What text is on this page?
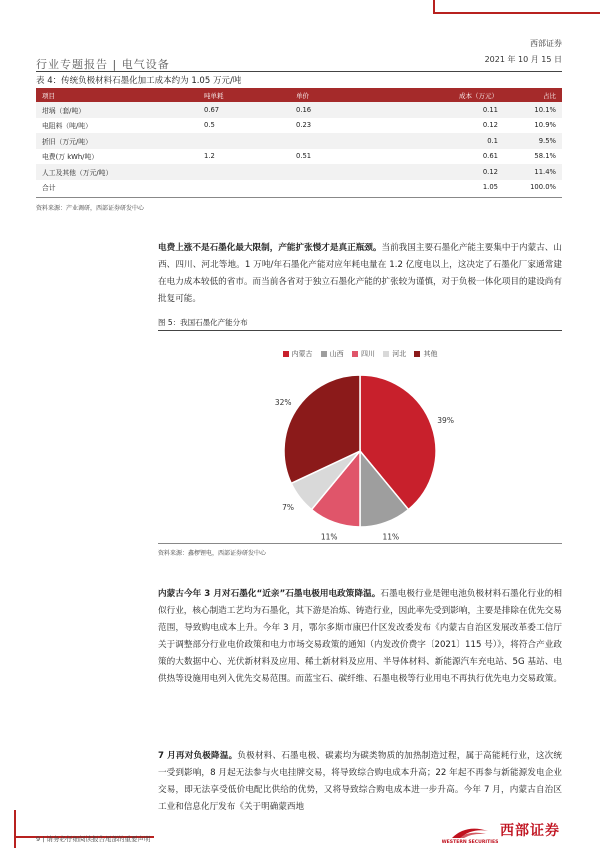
西部证券
行业专题报告 | 电气设备	2021 年 10 月 15 日
表 4：传统负极材料石墨化加工成本约为 1.05 万元/吨
项目	吨单耗	单价	成本（万元）	占比
坩埚（套/吨）	0.67	0.16	0.11	10.1%
电阻料（吨/吨）	0.5	0.23	0.12	10.9%
折旧（万元/吨）			0.1	9.5%
电费(万 kWh/吨）	1.2	0.51	0.61	58.1%
人工及其他（万元/吨）			0.12	11.4%
合计			1.05	100.0%
资料来源：产业调研，西部证券研发中心
电费上涨不是石墨化最大限制，产能扩张慢才是真正瓶颈。当前我国主要石墨化产能主要集中于内蒙古、山西、四川、河北等地。1 万吨/年石墨化产能对应年耗电量在 1.2 亿度电以上，这决定了石墨化厂家通常建在电力成本较低的省市。而当前各省对于独立石墨化产能的扩张较为谨慎，对于负极一体化项目的建设尚有批复可能。
图 5：我国石墨化产能分布
内蒙古 山西 四川 河北 其他
39%
11%
11%
7%
32%
资料来源：鑫椤锂电，西部证券研发中心
内蒙古今年 3 月对石墨化“近亲”石墨电极用电政策降温。石墨电极行业是锂电池负极材料石墨化行业的相似行业，核心制造工艺均为石墨化，其下游是冶炼、铸造行业，因此率先受到影响，主要是排除在优先交易范围，导致购电成本上升。今年 3 月，鄂尔多斯市康巴什区发改委发布《内蒙古自治区发展改革委工信厅关于调整部分行业电价政策和电力市场交易政策的通知（内发改价费字〔2021〕115 号）》，将符合产业政策的大数据中心、光伏新材料及应用、稀土新材料及应用、半导体材料、新能源汽车充电站、5G 基站、电供热等设施用电列入优先交易范围。而蓝宝石、碳纤维、石墨电极等行业用电不再执行优先电力交易政策。
7 月再对负极降温。负极材料、石墨电极、碳素均为碳类物质的加热制造过程，属于高能耗行业，这次统一受到影响，8 月起无法参与火电挂牌交易，将导致综合购电成本升高；22 年起不再参与新能源发电企业交易，即无法享受低价电配比供给的优势，又将导致综合购电成本进一步升高。今年 7 月，内蒙古自治区工业和信息化厅发布《关于明确蒙西地
9 | 请务必仔细阅读报告尾部的重要声明	WESTERN SECURITIES
西部证券
